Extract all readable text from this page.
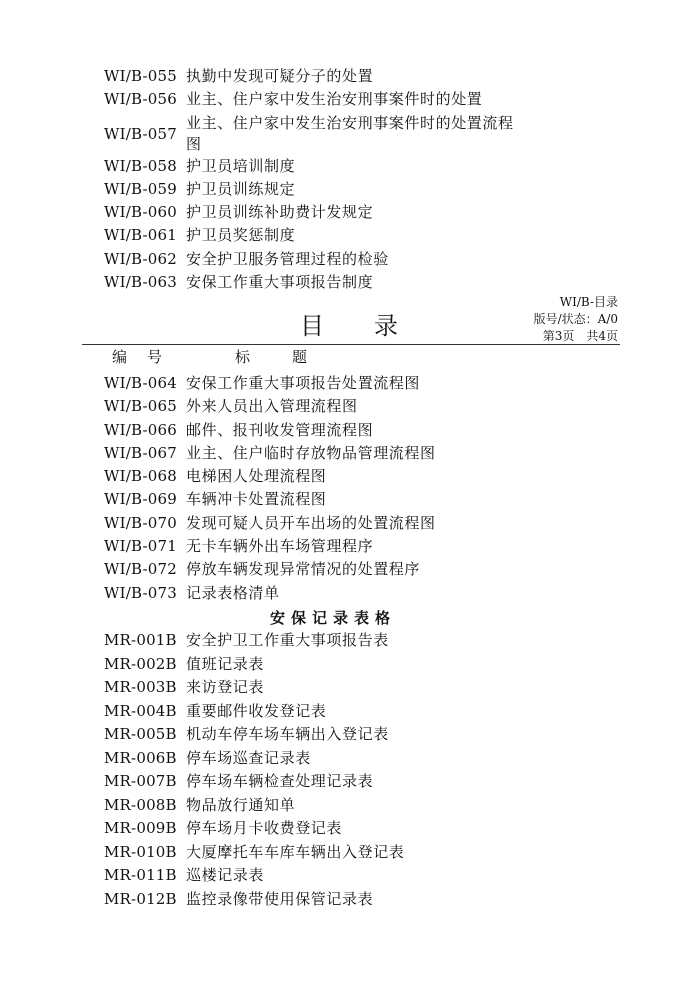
WI/B-055 执勤中发现可疑分子的处置
WI/B-056 业主、住户家中发生治安刑事案件时的处置
WI/B-057
业主、住户家中发生治安刑事案件时的处置流程图
WI/B-058 护卫员培训制度
WI/B-059 护卫员训练规定
WI/B-060 护卫员训练补助费计发规定
WI/B-061 护卫员奖惩制度
WI/B-062 安全护卫服务管理过程的检验
WI/B-063 安保工作重大事项报告制度
目录
WI/B-目录
版号/状态：A/0
第3页　共4页
编号	标题
WI/B-064 安保工作重大事项报告处置流程图
WI/B-065 外来人员出入管理流程图
WI/B-066 邮件、报刊收发管理流程图
WI/B-067 业主、住户临时存放物品管理流程图
WI/B-068 电梯困人处理流程图
WI/B-069 车辆冲卡处置流程图
WI/B-070 发现可疑人员开车出场的处置流程图
WI/B-071 无卡车辆外出车场管理程序
WI/B-072 停放车辆发现异常情况的处置程序
WI/B-073 记录表格清单
安保记录表格
MR-001B 安全护卫工作重大事项报告表
MR-002B 值班记录表
MR-003B 来访登记表
MR-004B 重要邮件收发登记表
MR-005B 机动车停车场车辆出入登记表
MR-006B 停车场巡查记录表
MR-007B 停车场车辆检查处理记录表
MR-008B 物品放行通知单
MR-009B 停车场月卡收费登记表
MR-010B 大厦摩托车车库车辆出入登记表
MR-011B 巡楼记录表
MR-012B 监控录像带使用保管记录表
